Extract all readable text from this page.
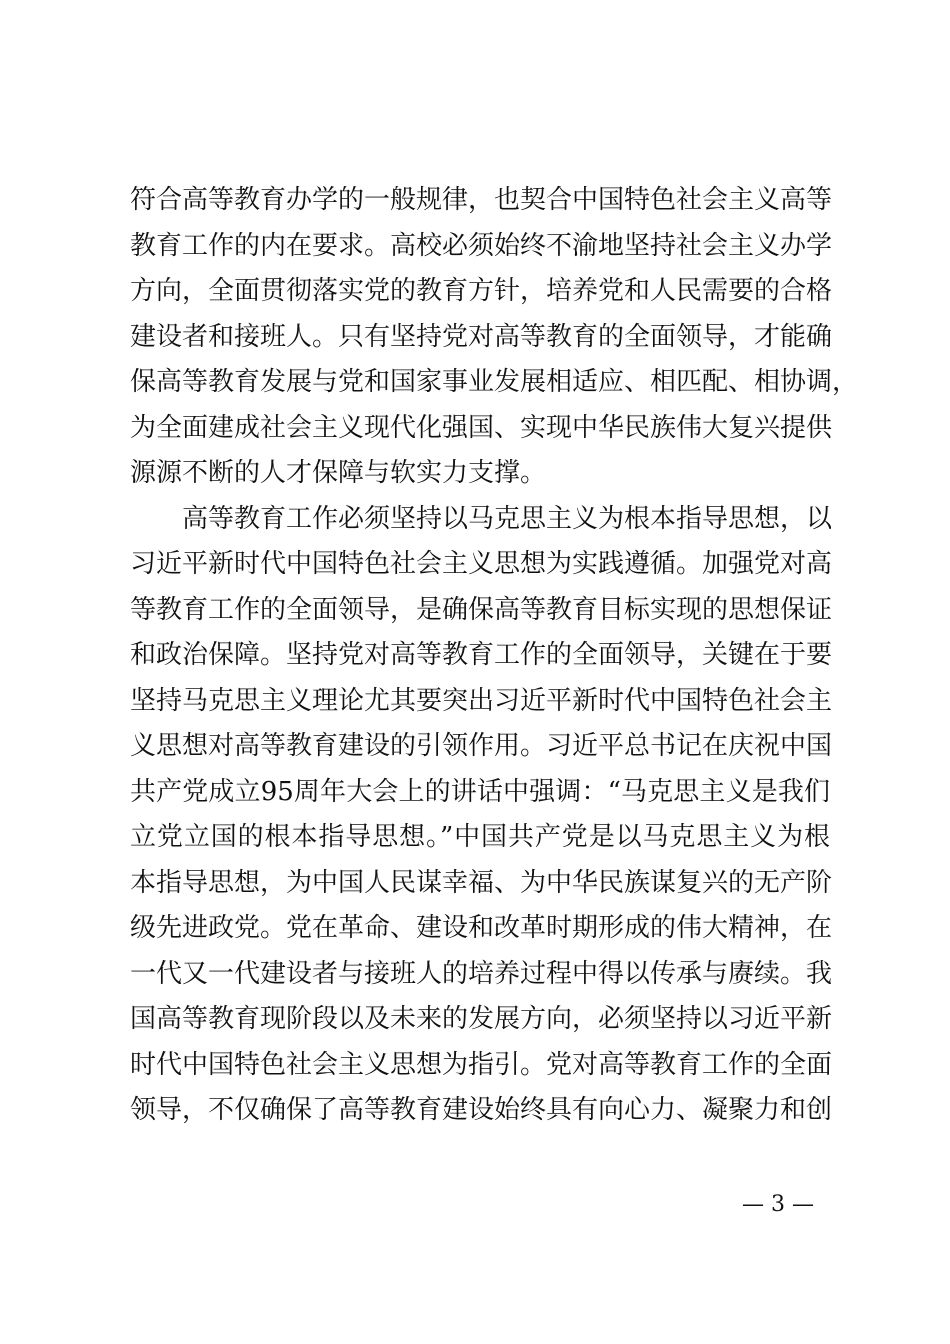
符合高等教育办学的一般规律，也契合中国特色社会主义高等
教育工作的内在要求。高校必须始终不渝地坚持社会主义办学
方向，全面贯彻落实党的教育方针，培养党和人民需要的合格
建设者和接班人。只有坚持党对高等教育的全面领导，才能确
保高等教育发展与党和国家事业发展相适应、相匹配、相协调，
为全面建成社会主义现代化强国、实现中华民族伟大复兴提供
源源不断的人才保障与软实力支撑。
高等教育工作必须坚持以马克思主义为根本指导思想，以
习近平新时代中国特色社会主义思想为实践遵循。加强党对高
等教育工作的全面领导，是确保高等教育目标实现的思想保证
和政治保障。坚持党对高等教育工作的全面领导，关键在于要
坚持马克思主义理论尤其要突出习近平新时代中国特色社会主
义思想对高等教育建设的引领作用。习近平总书记在庆祝中国
共产党成立95周年大会上的讲话中强调：“马克思主义是我们
立党立国的根本指导思想。”中国共产党是以马克思主义为根
本指导思想，为中国人民谋幸福、为中华民族谋复兴的无产阶
级先进政党。党在革命、建设和改革时期形成的伟大精神，在
一代又一代建设者与接班人的培养过程中得以传承与赓续。我
国高等教育现阶段以及未来的发展方向，必须坚持以习近平新
时代中国特色社会主义思想为指引。党对高等教育工作的全面
领导，不仅确保了高等教育建设始终具有向心力、凝聚力和创
— 3 —
